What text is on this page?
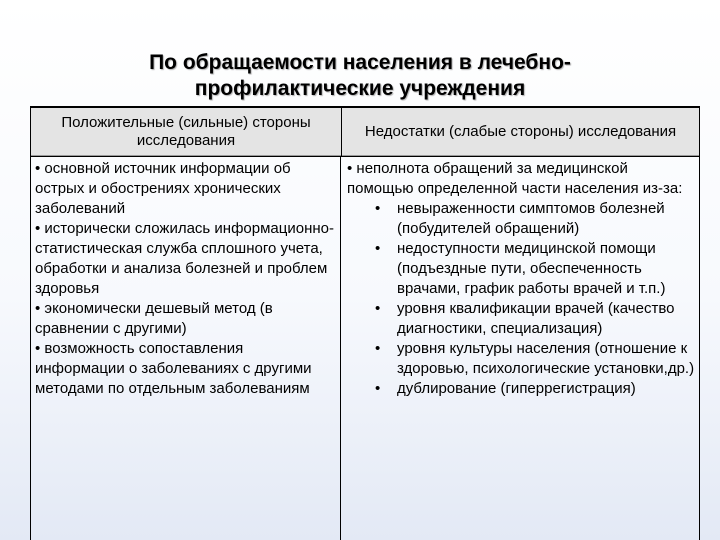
По обращаемости населения в лечебно-
профилактические учреждения
Положительные (сильные) стороны исследования
Недостатки (слабые стороны) исследования
• основной источник информации об острых и обострениях хронических заболеваний
• исторически сложилась информационно-статистическая служба сплошного учета, обработки и анализа болезней и проблем здоровья
• экономически дешевый метод (в сравнении с другими)
• возможность сопоставления информации о заболеваниях с другими методами по отдельным заболеваниям
• неполнота обращений за медицинской помощью определенной части населения из-за:
• невыраженности симптомов болезней (побудителей обращений)
• недоступности медицинской помощи (подъездные пути, обеспеченность врачами, график работы врачей и т.п.)
• уровня квалификации врачей (качество диагностики, специализация)
• уровня культуры населения (отношение к здоровью, психологические установки,др.)
• дублирование (гиперрегистрация)
